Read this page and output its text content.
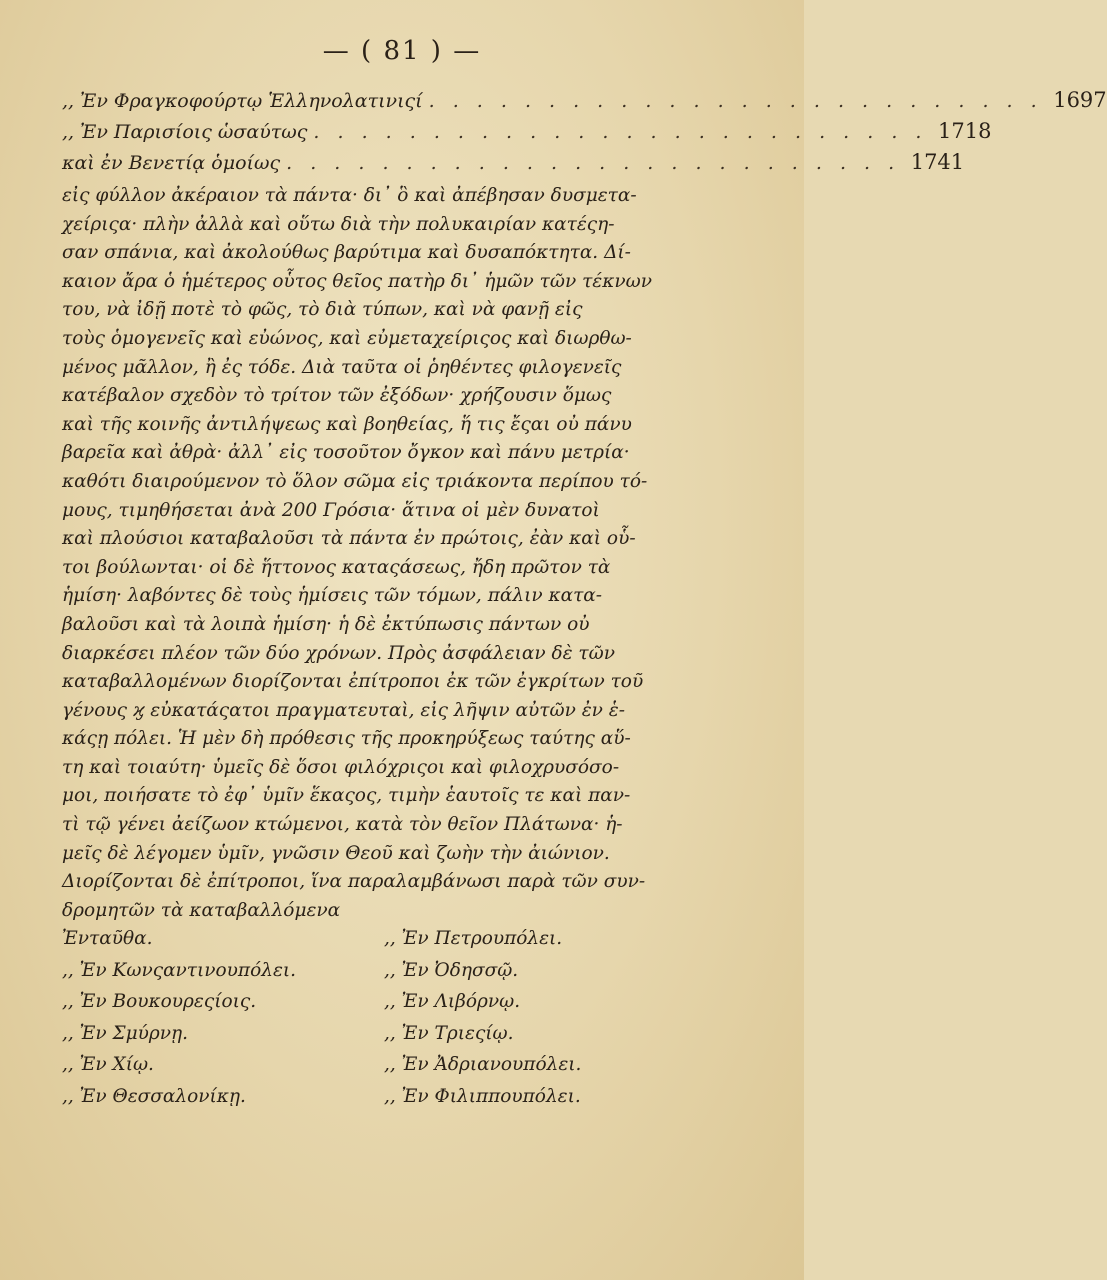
— ( 81 ) —
,, Ἐν Φραγκοφούρτῳ Ἑλληνολατινιςί . . . . . . . . . . . . . . . . . . . . . . . . . . 1697
,, Ἐν Παρισίοις ὡσαύτως . . . . . . . . . . . . . . . . . . . . . . . . . . 1718
καὶ ἐν Βενετίᾳ ὁμοίως . . . . . . . . . . . . . . . . . . . . . . . . . . 1741
εἰς φύλλον ἀκέραιον τὰ πάντα· δι᾽ ὃ καὶ ἀπέβησαν δυσμετα-
χείριςα· πλὴν ἀλλὰ καὶ οὕτω διὰ τὴν πολυκαιρίαν κατέςη-
σαν σπάνια, καὶ ἀκολούθως βαρύτιμα καὶ δυσαπόκτητα. Δί-
καιον ἄρα ὁ ἡμέτερος οὗτος θεῖος πατὴρ δι᾽ ἡμῶν τῶν τέκνων
του, νὰ ἰδῇ ποτὲ τὸ φῶς, τὸ διὰ τύπων, καὶ νὰ φανῇ εἰς
τοὺς ὁμογενεῖς καὶ εὐώνος, καὶ εὐμεταχείριςος καὶ διωρθω-
μένος μᾶλλον, ἢ ἐς τόδε. Διὰ ταῦτα οἱ ῥηθέντες φιλογενεῖς
κατέβαλον σχεδὸν τὸ τρίτον τῶν ἐξόδων· χρήζουσιν ὅμως
καὶ τῆς κοινῆς ἀντιλήψεως καὶ βοηθείας, ἥ τις ἔςαι οὐ πάνυ
βαρεῖα καὶ ἀθρὰ· ἀλλ᾽ εἰς τοσοῦτον ὄγκον καὶ πάνυ μετρία·
καθότι διαιρούμενον τὸ ὅλον σῶμα εἰς τριάκοντα περίπου τό-
μους, τιμηθήσεται ἀνὰ 200 Γρόσια· ἅτινα οἱ μὲν δυνατοὶ
καὶ πλούσιοι καταβαλοῦσι τὰ πάντα ἐν πρώτοις, ἐὰν καὶ οὗ-
τοι βούλωνται· οἱ δὲ ἥττονος καταςάσεως, ἤδη πρῶτον τὰ
ἡμίση· λαβόντες δὲ τοὺς ἡμίσεις τῶν τόμων, πάλιν κατα-
βαλοῦσι καὶ τὰ λοιπὰ ἡμίση· ἡ δὲ ἐκτύπωσις πάντων οὐ
διαρκέσει πλέον τῶν δύο χρόνων. Πρὸς ἀσφάλειαν δὲ τῶν
καταβαλλομένων διορίζονται ἐπίτροποι ἐκ τῶν ἐγκρίτων τοῦ
γένους ϗ εὐκατάςατοι πραγματευταὶ, εἰς λῆψιν αὐτῶν ἐν ἑ-
κάςῃ πόλει. Ἡ μὲν δὴ πρόθεσις τῆς προκηρύξεως ταύτης αὕ-
τη καὶ τοιαύτη· ὑμεῖς δὲ ὅσοι φιλόχριςοι καὶ φιλοχρυσόσο-
μοι, ποιήσατε τὸ ἐφ᾽ ὑμῖν ἕκαςος, τιμὴν ἑαυτοῖς τε καὶ παν-
τὶ τῷ γένει ἀείζωον κτώμενοι, κατὰ τὸν θεῖον Πλάτωνα· ἡ-
μεῖς δὲ λέγομεν ὑμῖν, γνῶσιν Θεοῦ καὶ ζωὴν τὴν ἀιώνιον.
Διορίζονται δὲ ἐπίτροποι, ἵνα παραλαμβάνωσι παρὰ τῶν συν-
δρομητῶν τὰ καταβαλλόμενα
Ἐνταῦθα.	,, Ἐν Πετρουπόλει.
,, Ἐν Κωνςαντινουπόλει.	,, Ἐν Ὀδησσῷ.
,, Ἐν Βουκουρεςίοις.	,, Ἐν Λιβόρνῳ.
,, Ἐν Σμύρνῃ.	,, Ἐν Τριεςίῳ.
,, Ἐν Χίῳ.	,, Ἐν Ἀδριανουπόλει.
,, Ἐν Θεσσαλονίκῃ.	,, Ἐν Φιλιππουπόλει.
